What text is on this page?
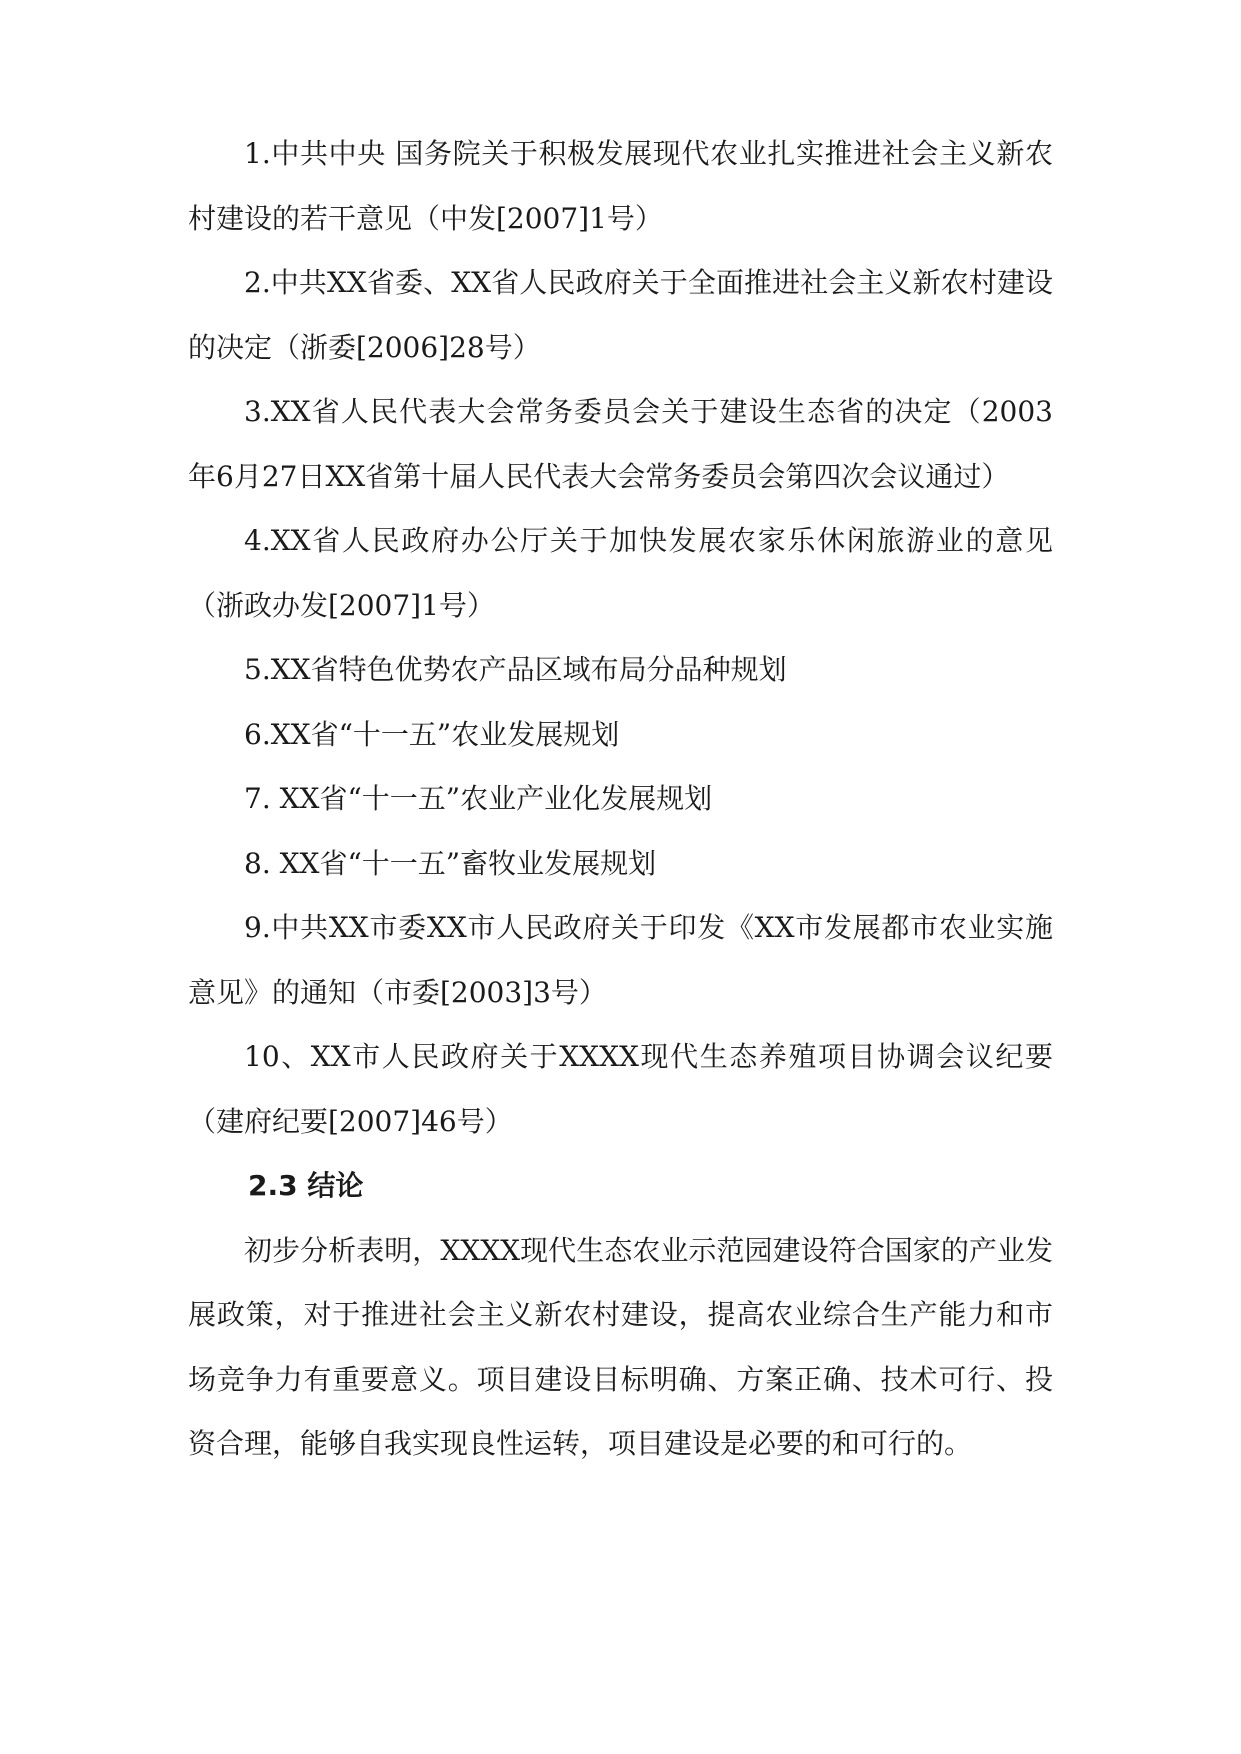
1.中共中央 国务院关于积极发展现代农业扎实推进社会主义新农村建设的若干意见（中发[2007]1号）

2.中共XX省委、XX省人民政府关于全面推进社会主义新农村建设的决定（浙委[2006]28号）

3.XX省人民代表大会常务委员会关于建设生态省的决定（2003年6月27日XX省第十届人民代表大会常务委员会第四次会议通过）

4.XX省人民政府办公厅关于加快发展农家乐休闲旅游业的意见（浙政办发[2007]1号）

5.XX省特色优势农产品区域布局分品种规划

6.XX省“十一五”农业发展规划

7. XX省“十一五”农业产业化发展规划

8. XX省“十一五”畜牧业发展规划

9.中共XX市委XX市人民政府关于印发《XX市发展都市农业实施意见》的通知（市委[2003]3号）

10、XX市人民政府关于XXXX现代生态养殖项目协调会议纪要（建府纪要[2007]46号）

2.3 结论

初步分析表明，XXXX现代生态农业示范园建设符合国家的产业发展政策，对于推进社会主义新农村建设，提高农业综合生产能力和市场竞争力有重要意义。项目建设目标明确、方案正确、技术可行、投资合理，能够自我实现良性运转，项目建设是必要的和可行的。
